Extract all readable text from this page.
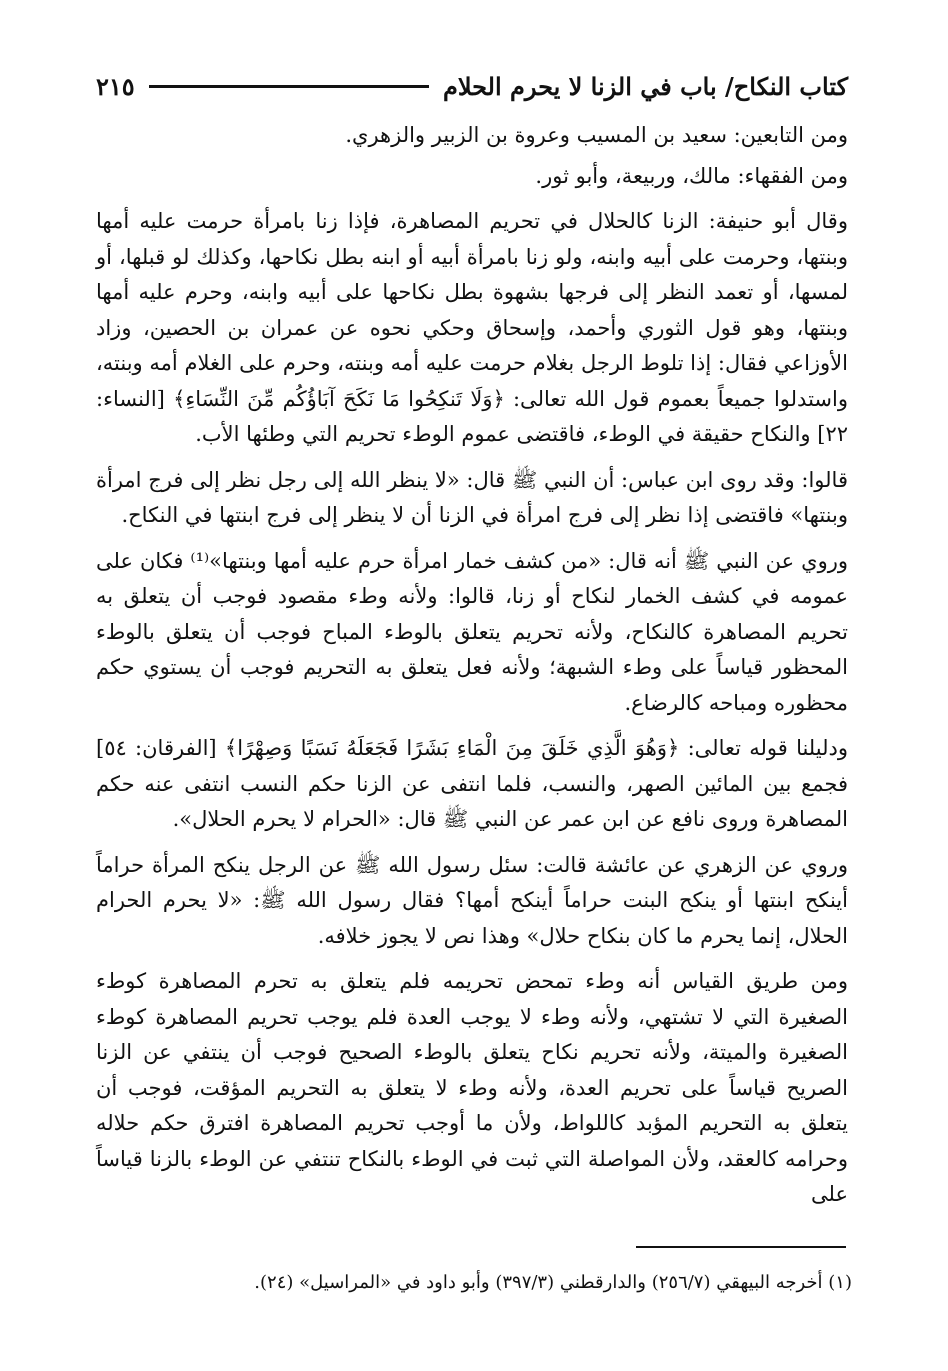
كتاب النكاح/ باب في الزنا لا يحرم الحلام
٢١٥

ومن التابعين: سعيد بن المسيب وعروة بن الزبير والزهري.

ومن الفقهاء: مالك، وربيعة، وأبو ثور.

وقال أبو حنيفة: الزنا كالحلال في تحريم المصاهرة، فإذا زنا بامرأة حرمت عليه أمها وبنتها، وحرمت على أبيه وابنه، ولو زنا بامرأة أبيه أو ابنه بطل نكاحها، وكذلك لو قبلها، أو لمسها، أو تعمد النظر إلى فرجها بشهوة بطل نكاحها على أبيه وابنه، وحرم عليه أمها وبنتها، وهو قول الثوري وأحمد، وإسحاق وحكي نحوه عن عمران بن الحصين، وزاد الأوزاعي فقال: إذا تلوط الرجل بغلام حرمت عليه أمه وبنته، وحرم على الغلام أمه وبنته، واستدلوا جميعاً بعموم قول الله تعالى: ﴿وَلَا تَنكِحُوا مَا نَكَحَ آبَاؤُكُم مِّنَ النِّسَاءِ﴾ [النساء: ٢٢] والنكاح حقيقة في الوطء، فاقتضى عموم الوطء تحريم التي وطئها الأب.

قالوا: وقد روى ابن عباس: أن النبي ﷺ قال: «لا ينظر الله إلى رجل نظر إلى فرج امرأة وبنتها» فاقتضى إذا نظر إلى فرج امرأة في الزنا أن لا ينظر إلى فرج ابنتها في النكاح.

وروي عن النبي ﷺ أنه قال: «من كشف خمار امرأة حرم عليه أمها وبنتها»⁽¹⁾ فكان على عمومه في كشف الخمار لنكاح أو زنا، قالوا: ولأنه وطء مقصود فوجب أن يتعلق به تحريم المصاهرة كالنكاح، ولأنه تحريم يتعلق بالوطء المباح فوجب أن يتعلق بالوطء المحظور قياساً على وطء الشبهة؛ ولأنه فعل يتعلق به التحريم فوجب أن يستوي حكم محظوره ومباحه كالرضاع.

ودليلنا قوله تعالى: ﴿وَهُوَ الَّذِي خَلَقَ مِنَ الْمَاءِ بَشَرًا فَجَعَلَهُ نَسَبًا وَصِهْرًا﴾ [الفرقان: ٥٤] فجمع بين المائين الصهر، والنسب، فلما انتفى عن الزنا حكم النسب انتفى عنه حكم المصاهرة وروى نافع عن ابن عمر عن النبي ﷺ قال: «الحرام لا يحرم الحلال».

وروي عن الزهري عن عائشة قالت: سئل رسول الله ﷺ عن الرجل ينكح المرأة حراماً أينكح ابنتها أو ينكح البنت حراماً أينكح أمها؟ فقال رسول الله ﷺ: «لا يحرم الحرام الحلال، إنما يحرم ما كان بنكاح حلال» وهذا نص لا يجوز خلافه.

ومن طريق القياس أنه وطء تمحض تحريمه فلم يتعلق به تحرم المصاهرة كوطء الصغيرة التي لا تشتهي، ولأنه وطء لا يوجب العدة فلم يوجب تحريم المصاهرة كوطء الصغيرة والميتة، ولأنه تحريم نكاح يتعلق بالوطء الصحيح فوجب أن ينتفي عن الزنا الصريح قياساً على تحريم العدة، ولأنه وطء لا يتعلق به التحريم المؤقت، فوجب أن يتعلق به التحريم المؤبد كاللواط، ولأن ما أوجب تحريم المصاهرة افترق حكم حلاله وحرامه كالعقد، ولأن المواصلة التي ثبت في الوطء بالنكاح تنتفي عن الوطء بالزنا قياساً على

(١) أخرجه البيهقي (٢٥٦/٧) والدارقطني (٣٩٧/٣) وأبو داود في «المراسيل» (٢٤).
